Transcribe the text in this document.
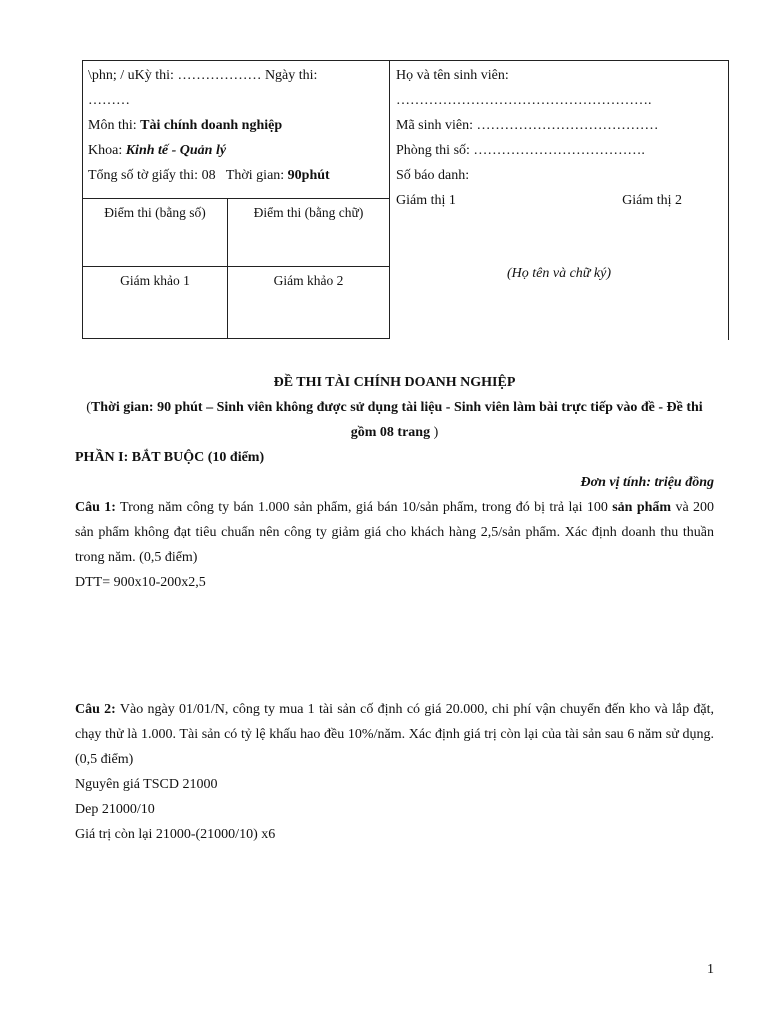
\phn; / uKỳ thi: ……………… Ngày thi:
………
Môn thi: Tài chính doanh nghiệp
Khoa: Kinh tế - Quản lý
Tổng số tờ giấy thi: 08 Thời gian: 90phút
Điểm thi (bằng số)	Điểm thi (bằng chữ)
Giám khảo 1	Giám khảo 2
Họ và tên sinh viên:
……………………………………………….
Mã sinh viên: …………………………………
Phòng thi số: ……………………………….
Số báo danh:
Giám thị 1	Giám thị 2
(Họ tên và chữ ký)
ĐỀ THI TÀI CHÍNH DOANH NGHIỆP
(Thời gian: 90 phút – Sinh viên không được sử dụng tài liệu - Sinh viên làm bài trực tiếp vào đề - Đề thi gồm 08 trang )
PHẦN I: BẮT BUỘC (10 điểm)
Đơn vị tính: triệu đồng
Câu 1: Trong năm công ty bán 1.000 sản phẩm, giá bán 10/sản phẩm, trong đó bị trả lại 100 sản phẩm và 200 sản phẩm không đạt tiêu chuẩn nên công ty giảm giá cho khách hàng 2,5/sản phẩm. Xác định doanh thu thuần trong năm. (0,5 điểm)
DTT= 900x10-200x2,5
Câu 2: Vào ngày 01/01/N, công ty mua 1 tài sản cố định có giá 20.000, chi phí vận chuyển đến kho và lắp đặt, chạy thử là 1.000. Tài sản có tỷ lệ khấu hao đều 10%/năm. Xác định giá trị còn lại của tài sản sau 6 năm sử dụng. (0,5 điểm)
Nguyên giá TSCD 21000
Dep 21000/10
Giá trị còn lại 21000-(21000/10) x6
1
